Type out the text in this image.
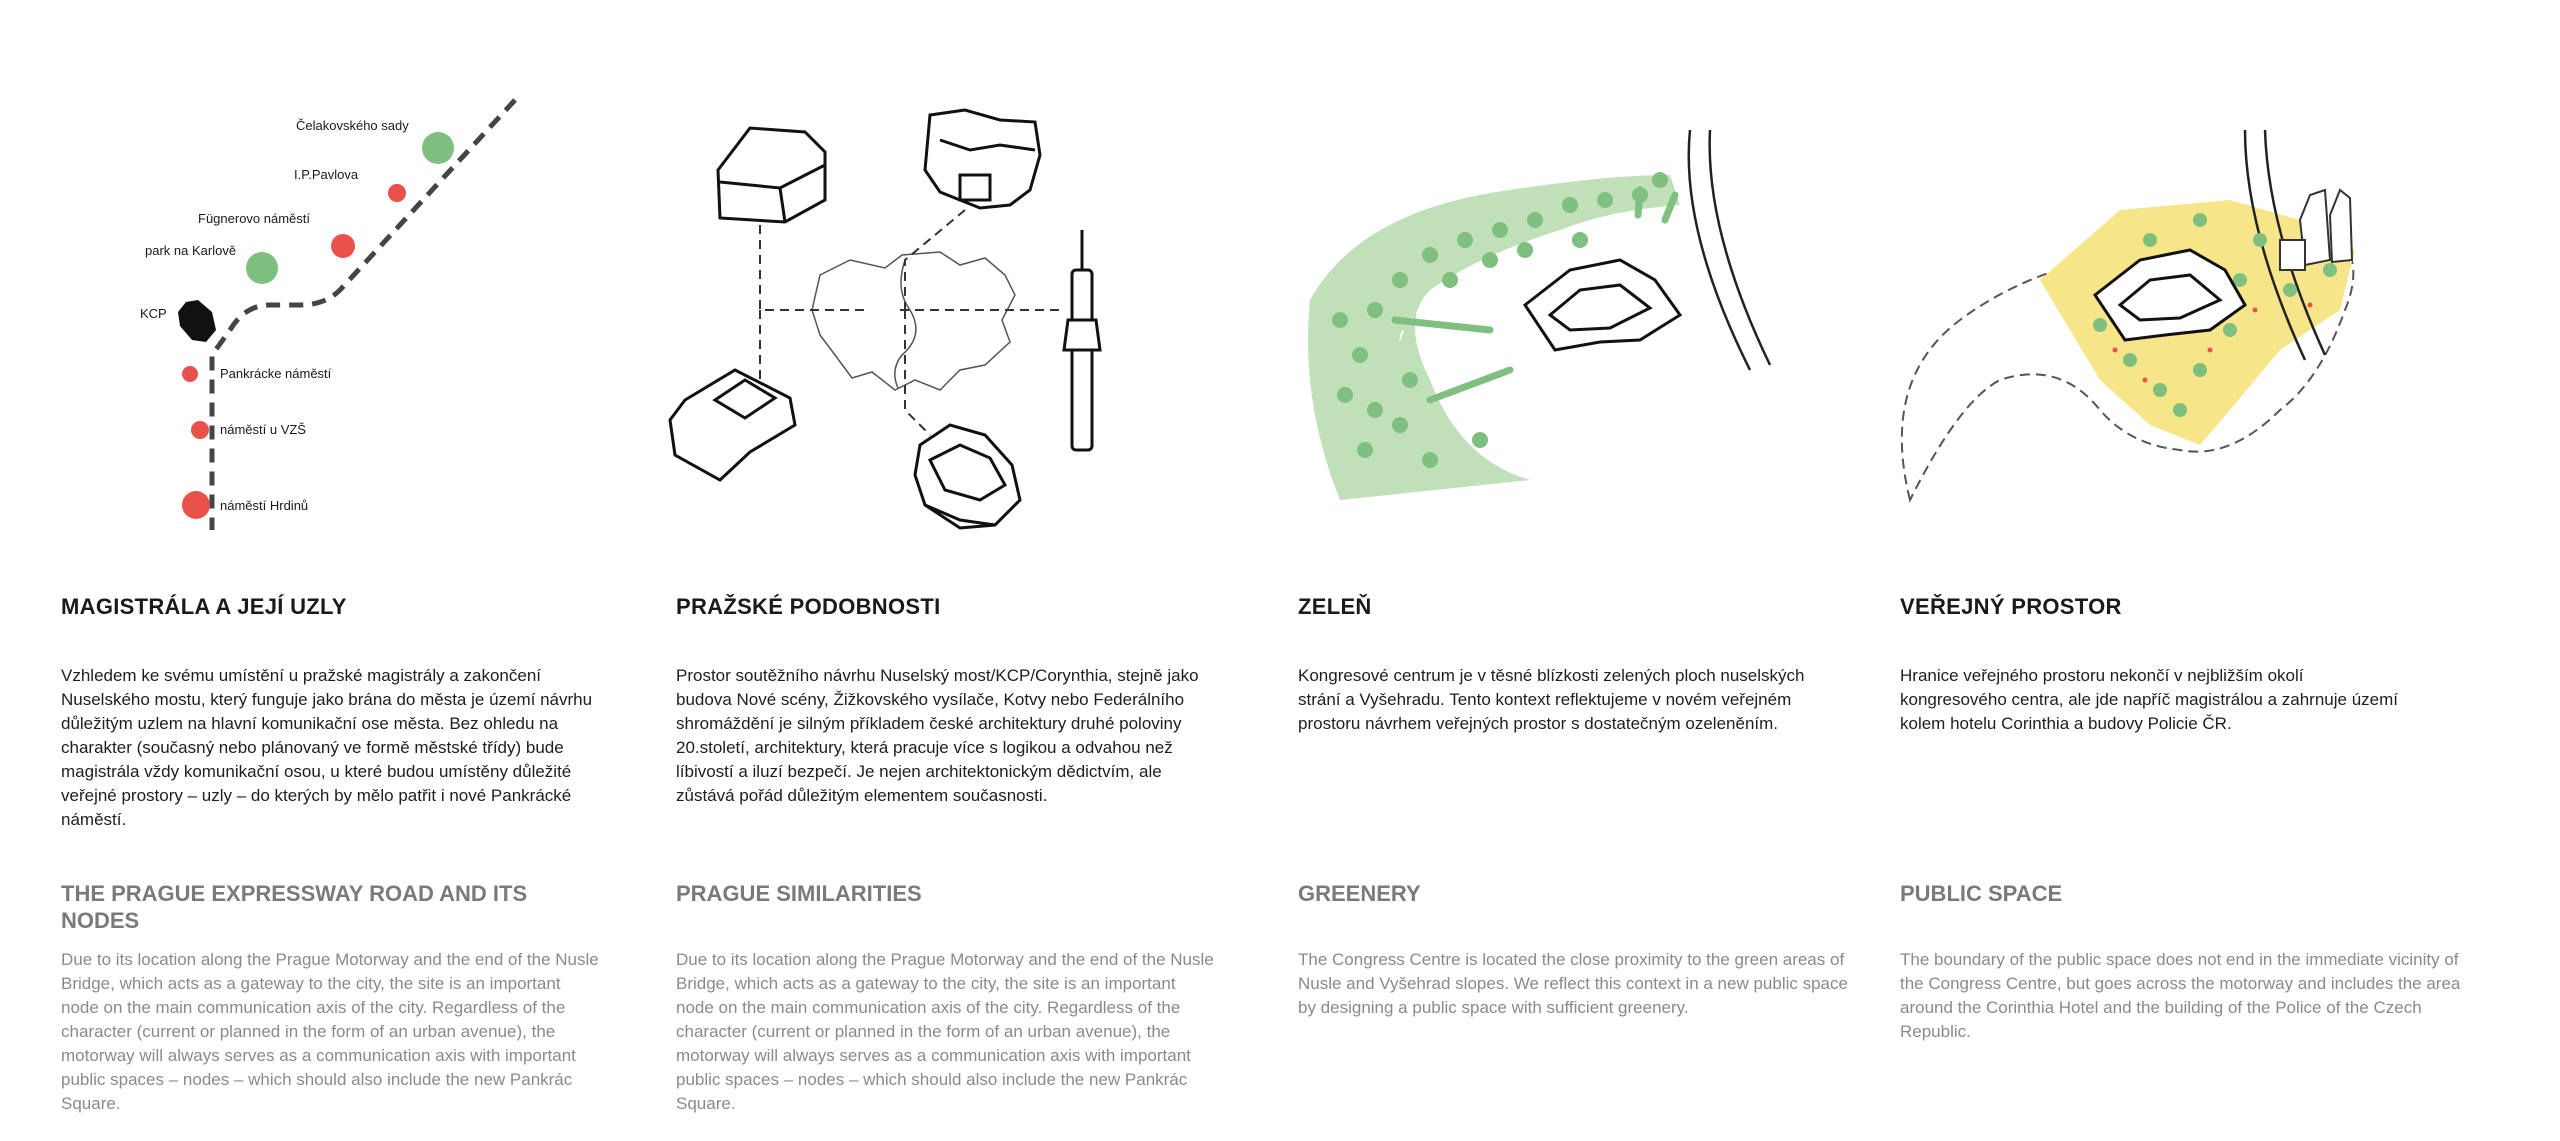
Čelakovského sady
I.P.Pavlova
Fügnerovo náměstí
park na Karlově
KCP
Pankrácke náměstí
náměstí u VZŠ
náměstí Hrdinů
MAGISTRÁLA A JEJÍ UZLY

Vzhledem ke svému umístění u pražské magistrály a zakončení Nuselského mostu, který funguje jako brána do města je území návrhu důležitým uzlem na hlavní komunikační ose města. Bez ohledu na charakter (současný nebo plánovaný ve formě městské třídy) bude magistrála vždy komunikační osou, u které budou umístěny důležité veřejné prostory – uzly – do kterých by mělo patřit i nové Pankrácké náměstí.

THE PRAGUE EXPRESSWAY ROAD AND ITS NODES

Due to its location along the Prague Motorway and the end of the Nusle Bridge, which acts as a gateway to the city, the site is an important node on the main communication axis of the city. Regardless of the character (current or planned in the form of an urban avenue), the motorway will always serves as a communication axis with important public spaces – nodes – which should also include the new Pankrác Square.

PRAŽSKÉ PODOBNOSTI

Prostor soutěžního návrhu Nuselský most/KCP/Corynthia, stejně jako budova Nové scény, Žižkovského vysílače, Kotvy nebo Federálního shromáždění je silným příkladem české architektury druhé poloviny 20.století, architektury, která pracuje více s logikou a odvahou než líbivostí a iluzí bezpečí. Je nejen architektonickým dědictvím, ale zůstává pořád důležitým elementem současnosti.

PRAGUE SIMILARITIES

Due to its location along the Prague Motorway and the end of the Nusle Bridge, which acts as a gateway to the city, the site is an important node on the main communication axis of the city. Regardless of the character (current or planned in the form of an urban avenue), the motorway will always serves as a communication axis with important public spaces – nodes – which should also include the new Pankrác Square.

ZELEŇ

Kongresové centrum je v těsné blízkosti zelených ploch nuselských strání a Vyšehradu. Tento kontext reflektujeme v novém veřejném prostoru návrhem veřejných prostor s dostatečným ozeleněním.

GREENERY

The Congress Centre is located the close proximity to the green areas of Nusle and Vyšehrad slopes. We reflect this context in a new public space by designing a public space with sufficient greenery.

VEŘEJNÝ PROSTOR

Hranice veřejného prostoru nekončí v nejbližším okolí kongresového centra, ale jde napříč magistrálou a zahrnuje území kolem hotelu Corinthia a budovy Policie ČR.

PUBLIC SPACE

The boundary of the public space does not end in the immediate vicinity of the Congress Centre, but goes across the motorway and includes the area around the Corinthia Hotel and the building of the Police of the Czech Republic.
